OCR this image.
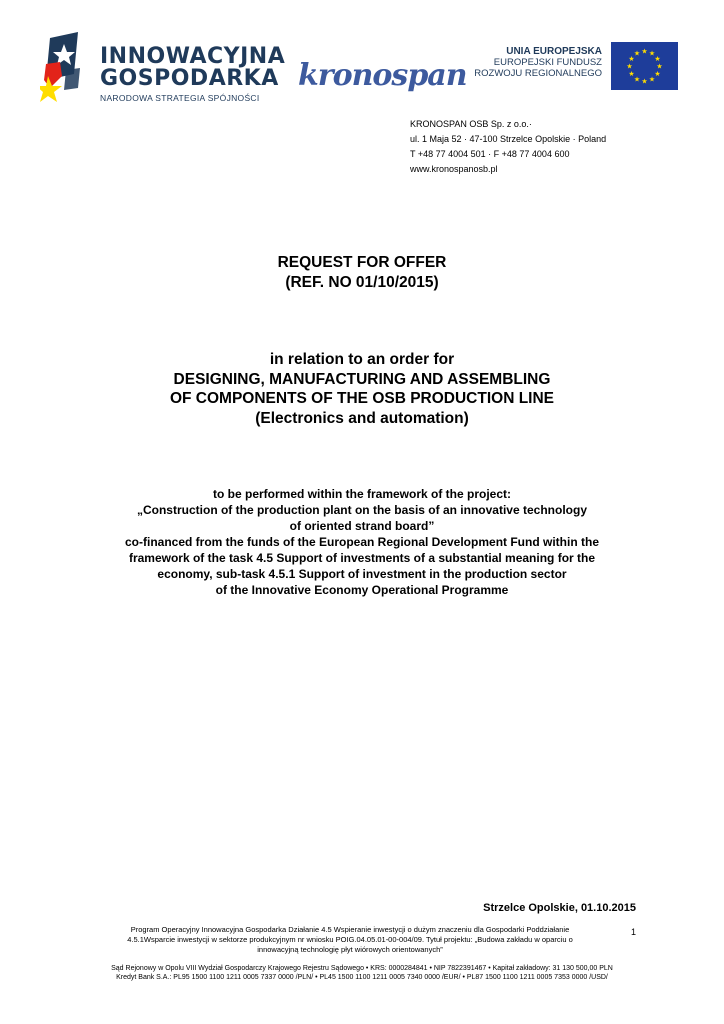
INNOWACYJNA
GOSPODARKA
NARODOWA STRATEGIA SPÓJNOŚCI
kronospan
UNIA EUROPEJSKA
EUROPEJSKI FUNDUSZ
ROZWOJU REGIONALNEGO
★ ★
★
★
★
★
★
★
★
★
★
★
KRONOSPAN OSB Sp. z o.o.·
ul. 1 Maja 52 · 47-100 Strzelce Opolskie · Poland
T +48 77 4004 501 · F +48 77 4004 600
www.kronospanosb.pl
REQUEST FOR OFFER
(REF. NO 01/10/2015)
in relation to an order for
DESIGNING, MANUFACTURING AND ASSEMBLING
OF COMPONENTS OF THE OSB PRODUCTION LINE
(Electronics and automation)
to be performed within the framework of the project:
„Construction of the production plant on the basis of an innovative technology
of oriented strand board”
co-financed from the funds of the European Regional Development Fund within the
framework of the task 4.5 Support of investments of a substantial meaning for the
economy, sub-task 4.5.1 Support of investment in the production sector
of the Innovative Economy Operational Programme
Strzelce Opolskie, 01.10.2015
Program Operacyjny Innowacyjna Gospodarka Działanie 4.5 Wspieranie inwestycji o dużym znaczeniu dla Gospodarki Poddziałanie
4.5.1Wsparcie inwestycji w sektorze produkcyjnym nr wniosku POIG.04.05.01-00-004/09. Tytuł projektu: „Budowa zakładu w oparciu o
innowacyjną technologię płyt wiórowych orientowanych”
1
Sąd Rejonowy w Opolu VIII Wydział Gospodarczy Krajowego Rejestru Sądowego • KRS: 0000284841 • NIP 7822391467 • Kapitał zakładowy: 31 130 500,00 PLN
Kredyt Bank S.A.: PL95 1500 1100 1211 0005 7337 0000 /PLN/ • PL45 1500 1100 1211 0005 7340 0000 /EUR/ • PL87 1500 1100 1211 0005 7353 0000 /USD/
